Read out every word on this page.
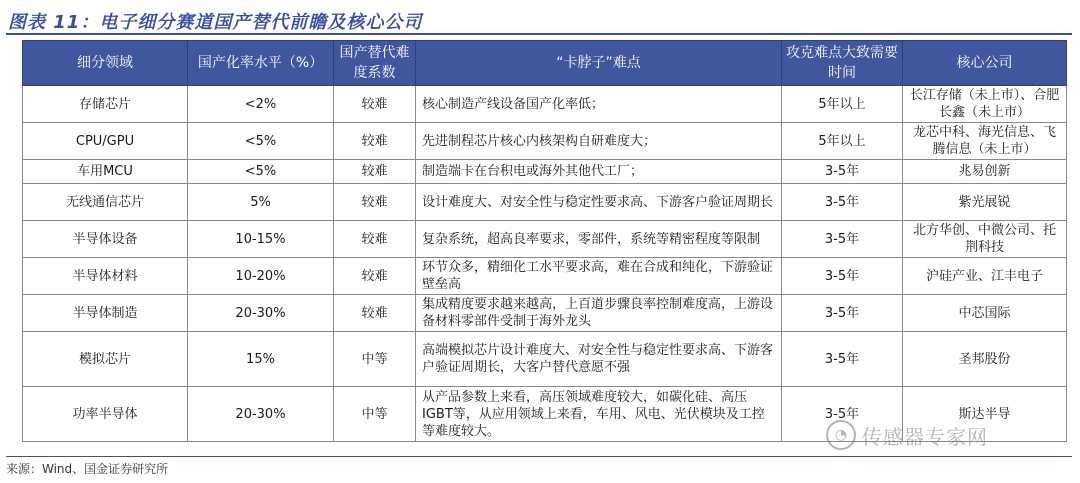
图表 11：电子细分赛道国产替代前瞻及核心公司
细分领域	国产化率水平（%）	国产替代难度系数	“卡脖子”难点	攻克难点大致需要时间	核心公司
存储芯片	<2%	较难	核心制造产线设备国产化率低；	5年以上	长江存储（未上市）、合肥长鑫（未上市）
CPU/GPU	<5%	较难	先进制程芯片核心内核架构自研难度大；	5年以上	龙芯中科、海光信息、飞腾信息（未上市）
车用MCU	<5%	较难	制造端卡在台积电或海外其他代工厂；	3-5年	兆易创新
无线通信芯片	5%	较难	设计难度大、对安全性与稳定性要求高、下游客户验证周期长	3-5年	紫光展锐
半导体设备	10-15%	较难	复杂系统，超高良率要求，零部件，系统等精密程度等限制	3-5年	北方华创、中微公司、托荆科技
半导体材料	10-20%	较难	环节众多，精细化工水平要求高，难在合成和纯化，下游验证壁垒高	3-5年	沪硅产业、江丰电子
半导体制造	20-30%	较难	集成精度要求越来越高，上百道步骤良率控制难度高，上游设备材料零部件受制于海外龙头	3-5年	中芯国际
模拟芯片	15%	中等	高端模拟芯片设计难度大、对安全性与稳定性要求高、下游客户验证周期长，大客户替代意愿不强	3-5年	圣邦股份
功率半导体	20-30%	中等	从产品参数上来看，高压领域难度较大，如碳化硅、高压IGBT等，从应用领域上来看，车用、风电、光伏模块及工控等难度较大。	3-5年	斯达半导
◔ 传感器专家网
来源：Wind、国金证券研究所
